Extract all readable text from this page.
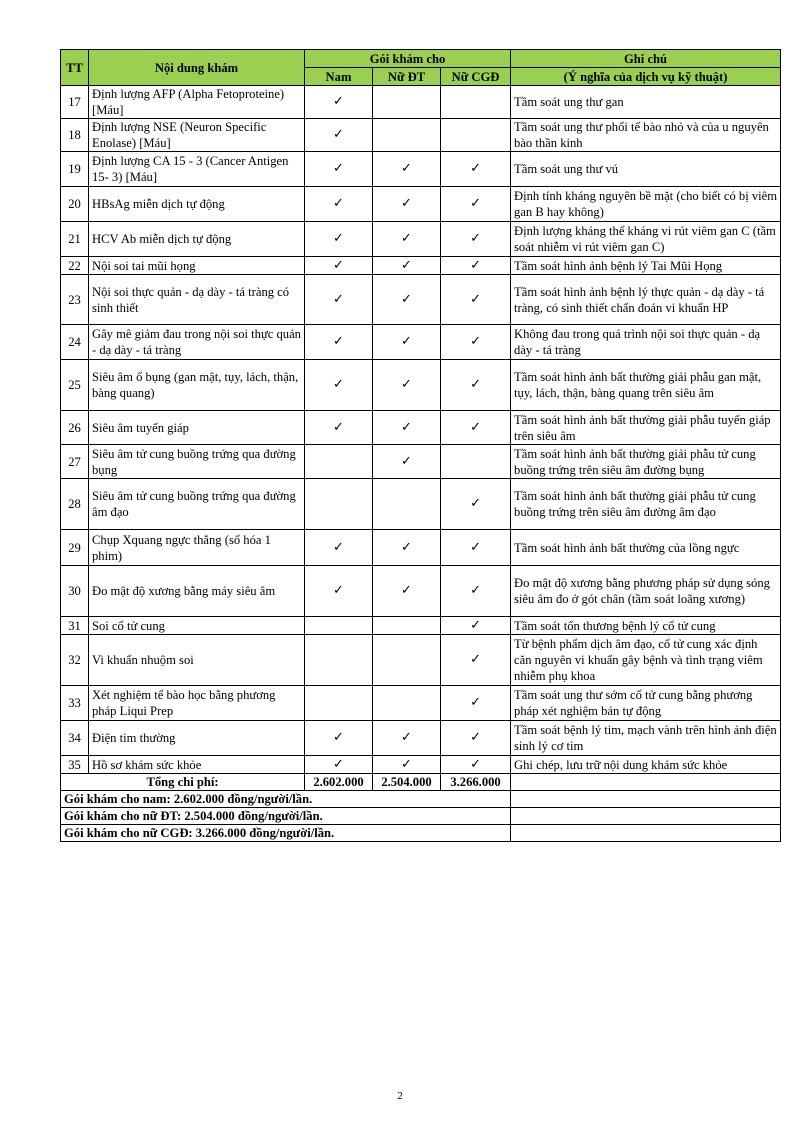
TT	Nội dung khám	Gói khám cho			Ghi chú
		Nam	Nữ ĐT	Nữ CGĐ	(Ý nghĩa của dịch vụ kỹ thuật)
17	Định lượng AFP (Alpha Fetoproteine) [Máu]	✓			Tầm soát ung thư gan
18	Định lượng NSE (Neuron Specific Enolase) [Máu]	✓			Tầm soát ung thư phổi tế bào nhỏ và của u nguyên bào thần kinh
19	Định lượng CA 15 - 3 (Cancer Antigen 15- 3) [Máu]	✓	✓	✓	Tầm soát ung thư vú
20	HBsAg miễn dịch tự động	✓	✓	✓	Định tính kháng nguyên bề mặt (cho biết có bị viêm gan B hay không)
21	HCV Ab miễn dịch tự động	✓	✓	✓	Định lượng kháng thể kháng vi rút viêm gan C (tầm soát nhiễm vi rút viêm gan C)
22	Nội soi tai mũi họng	✓	✓	✓	Tầm soát hình ảnh bệnh lý Tai Mũi Họng
23	Nội soi thực quản - dạ dày - tá tràng có sinh thiết	✓	✓	✓	Tầm soát hình ảnh bệnh lý thực quản - dạ dày - tá tràng, có sinh thiết chẩn đoán vi khuẩn HP
24	Gây mê giảm đau trong nội soi thực quản - dạ dày - tá tràng	✓	✓	✓	Không đau trong quá trình nội soi thực quản - dạ dày - tá tràng
25	Siêu âm ổ bụng (gan mật, tụy, lách, thận, bàng quang)	✓	✓	✓	Tầm soát hình ảnh bất thường giải phẫu gan mật, tụy, lách, thận, bàng quang trên siêu âm
26	Siêu âm tuyến giáp	✓	✓	✓	Tầm soát hình ảnh bất thường giải phẫu tuyến giáp trên siêu âm
27	Siêu âm tử cung buồng trứng qua đường bụng		✓		Tầm soát hình ảnh bất thường giải phẫu tử cung buồng trứng trên siêu âm đường bụng
28	Siêu âm tử cung buồng trứng qua đường âm đạo			✓	Tầm soát hình ảnh bất thường giải phẫu tử cung buồng trứng trên siêu âm đường âm đạo
29	Chụp Xquang ngực thẳng (số hóa 1 phim)	✓	✓	✓	Tầm soát hình ảnh bất thường của lồng ngực
30	Đo mật độ xương bằng máy siêu âm	✓	✓	✓	Đo mật độ xương bằng phương pháp sử dụng sóng siêu âm đo ở gót chân (tầm soát loãng xương)
31	Soi cổ tử cung			✓	Tầm soát tổn thương bệnh lý cổ tử cung
32	Vi khuẩn nhuộm soi			✓	Từ bệnh phẩm dịch âm đạo, cổ tử cung xác định căn nguyên vi khuẩn gây bệnh và tình trạng viêm nhiễm phụ khoa
33	Xét nghiệm tế bào học bằng phương pháp Liqui Prep			✓	Tầm soát ung thư sớm cổ tử cung bằng phương pháp xét nghiệm bán tự động
34	Điện tim thường	✓	✓	✓	Tầm soát bệnh lý tim, mạch vành trên hình ảnh điện sinh lý cơ tim
35	Hồ sơ khám sức khỏe	✓	✓	✓	Ghi chép, lưu trữ nội dung khám sức khỏe
Tổng chi phí:		2.602.000	2.504.000	3.266.000	
Gói khám cho nam: 2.602.000 đồng/người/lần.					
Gói khám cho nữ ĐT: 2.504.000 đồng/người/lần.					
Gói khám cho nữ CGĐ: 3.266.000 đồng/người/lần.					
2
